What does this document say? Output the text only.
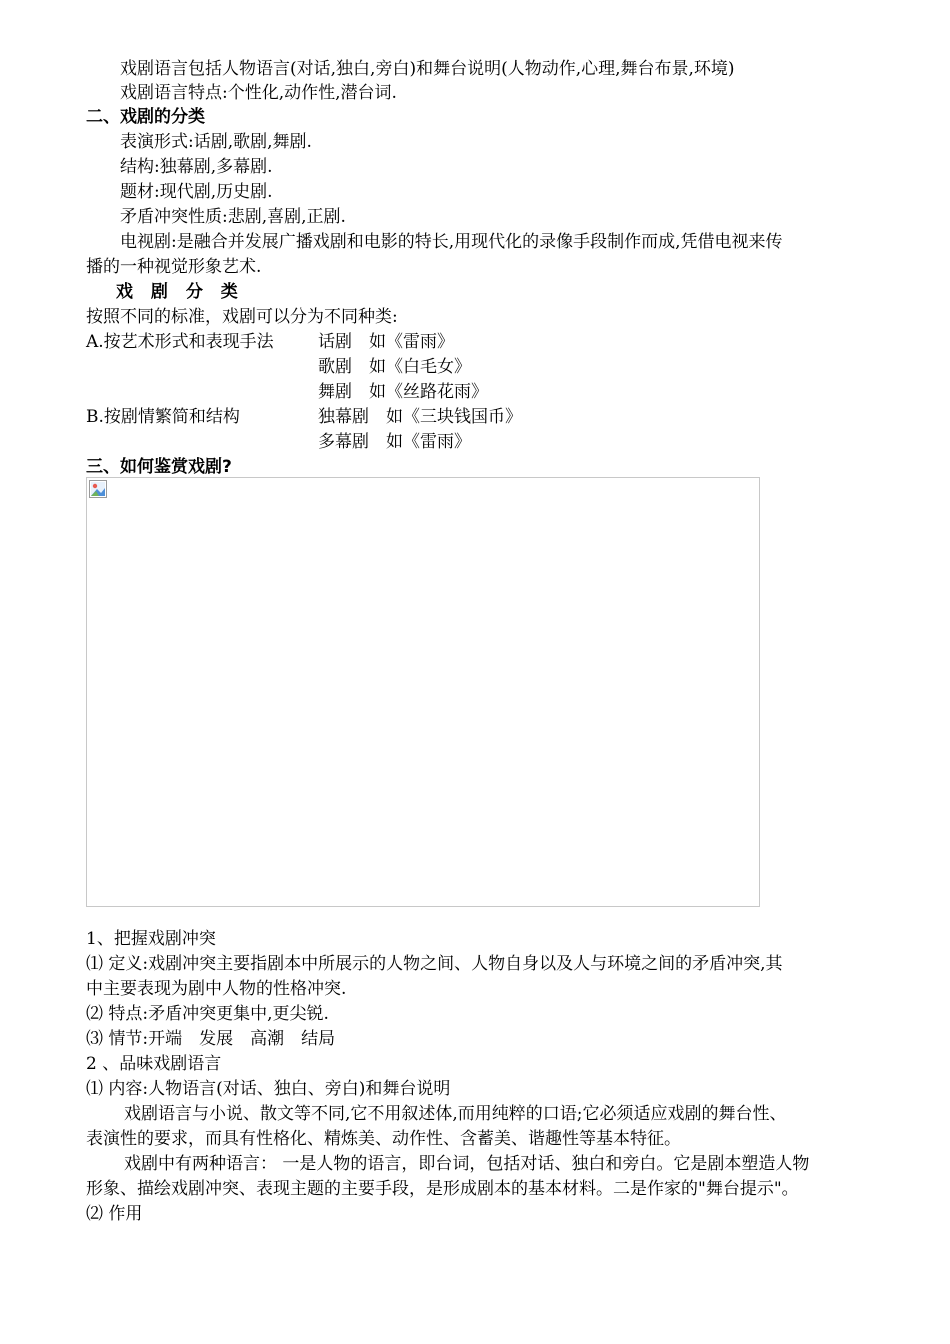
戏剧语言包括人物语言(对话,独白,旁白)和舞台说明(人物动作,心理,舞台布景,环境)
戏剧语言特点:个性化,动作性,潜台词.
二、戏剧的分类
表演形式:话剧,歌剧,舞剧.
结构:独幕剧,多幕剧.
题材:现代剧,历史剧.
矛盾冲突性质:悲剧,喜剧,正剧.
电视剧:是融合并发展广播戏剧和电影的特长,用现代化的录像手段制作而成,凭借电视来传
播的一种视觉形象艺术.
戏 剧 分 类
按照不同的标准，戏剧可以分为不同种类:
A.按艺术形式和表现手法	话剧　如《雷雨》
歌剧　如《白毛女》
舞剧　如《丝路花雨》
B.按剧情繁简和结构	独幕剧　如《三块钱国币》
多幕剧　如《雷雨》
三、如何鉴赏戏剧?
1、把握戏剧冲突
⑴ 定义:戏剧冲突主要指剧本中所展示的人物之间、人物自身以及人与环境之间的矛盾冲突,其
中主要表现为剧中人物的性格冲突.
⑵ 特点:矛盾冲突更集中,更尖锐.
⑶ 情节:开端　发展　高潮　结局
2 、品味戏剧语言
⑴ 内容:人物语言(对话、独白、旁白)和舞台说明
戏剧语言与小说、散文等不同,它不用叙述体,而用纯粹的口语;它必须适应戏剧的舞台性、
表演性的要求，而具有性格化、精炼美、动作性、含蓄美、谐趣性等基本特征。
戏剧中有两种语言： 一是人物的语言，即台词，包括对话、独白和旁白。它是剧本塑造人物
形象、描绘戏剧冲突、表现主题的主要手段，是形成剧本的基本材料。二是作家的"舞台提示"。
⑵ 作用
